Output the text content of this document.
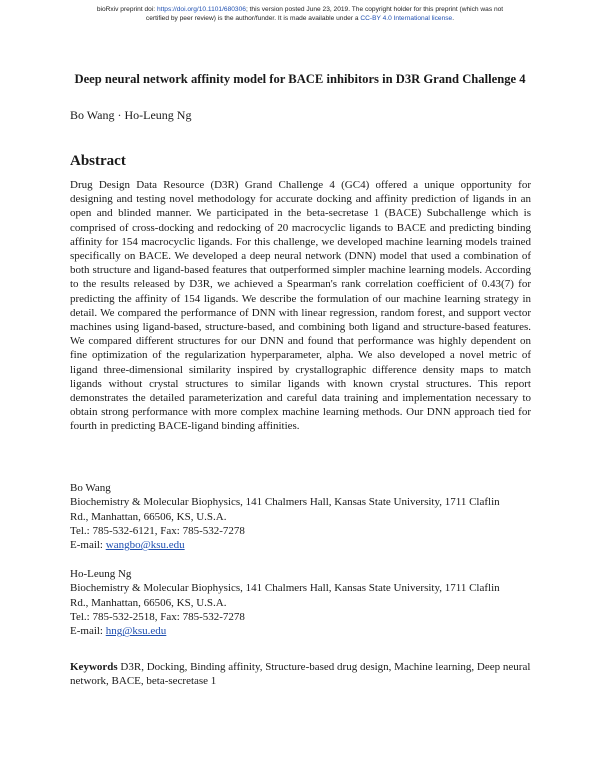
bioRxiv preprint doi: https://doi.org/10.1101/680306; this version posted June 23, 2019. The copyright holder for this preprint (which was not
certified by peer review) is the author/funder. It is made available under a CC-BY 4.0 International license.
Deep neural network affinity model for BACE inhibitors in D3R Grand Challenge 4
Bo Wang · Ho-Leung Ng
Abstract

Drug Design Data Resource (D3R) Grand Challenge 4 (GC4) offered a unique opportunity for designing and testing novel methodology for accurate docking and affinity prediction of ligands in an open and blinded manner. We participated in the beta-secretase 1 (BACE) Subchallenge which is comprised of cross-docking and redocking of 20 macrocyclic ligands to BACE and predicting binding affinity for 154 macrocyclic ligands. For this challenge, we developed machine learning models trained specifically on BACE. We developed a deep neural network (DNN) model that used a combination of both structure and ligand-based features that outperformed simpler machine learning models. According to the results released by D3R, we achieved a Spearman's rank correlation coefficient of 0.43(7) for predicting the affinity of 154 ligands. We describe the formulation of our machine learning strategy in detail. We compared the performance of DNN with linear regression, random forest, and support vector machines using ligand-based, structure-based, and combining both ligand and structure-based features. We compared different structures for our DNN and found that performance was highly dependent on fine optimization of the regularization hyperparameter, alpha. We also developed a novel metric of ligand three-dimensional similarity inspired by crystallographic difference density maps to match ligands without crystal structures to similar ligands with known crystal structures. This report demonstrates the detailed parameterization and careful data training and implementation necessary to obtain strong performance with more complex machine learning methods. Our DNN approach tied for fourth in predicting BACE-ligand binding affinities.

Bo Wang
Biochemistry & Molecular Biophysics, 141 Chalmers Hall, Kansas State University, 1711 Claflin
Rd., Manhattan, 66506, KS, U.S.A.
Tel.: 785-532-6121, Fax: 785-532-7278
E-mail: wangbo@ksu.edu
Ho-Leung Ng
Biochemistry & Molecular Biophysics, 141 Chalmers Hall, Kansas State University, 1711 Claflin
Rd., Manhattan, 66506, KS, U.S.A.
Tel.: 785-532-2518, Fax: 785-532-7278
E-mail: hng@ksu.edu

Keywords D3R, Docking, Binding affinity, Structure-based drug design, Machine learning, Deep neural network, BACE, beta-secretase 1
